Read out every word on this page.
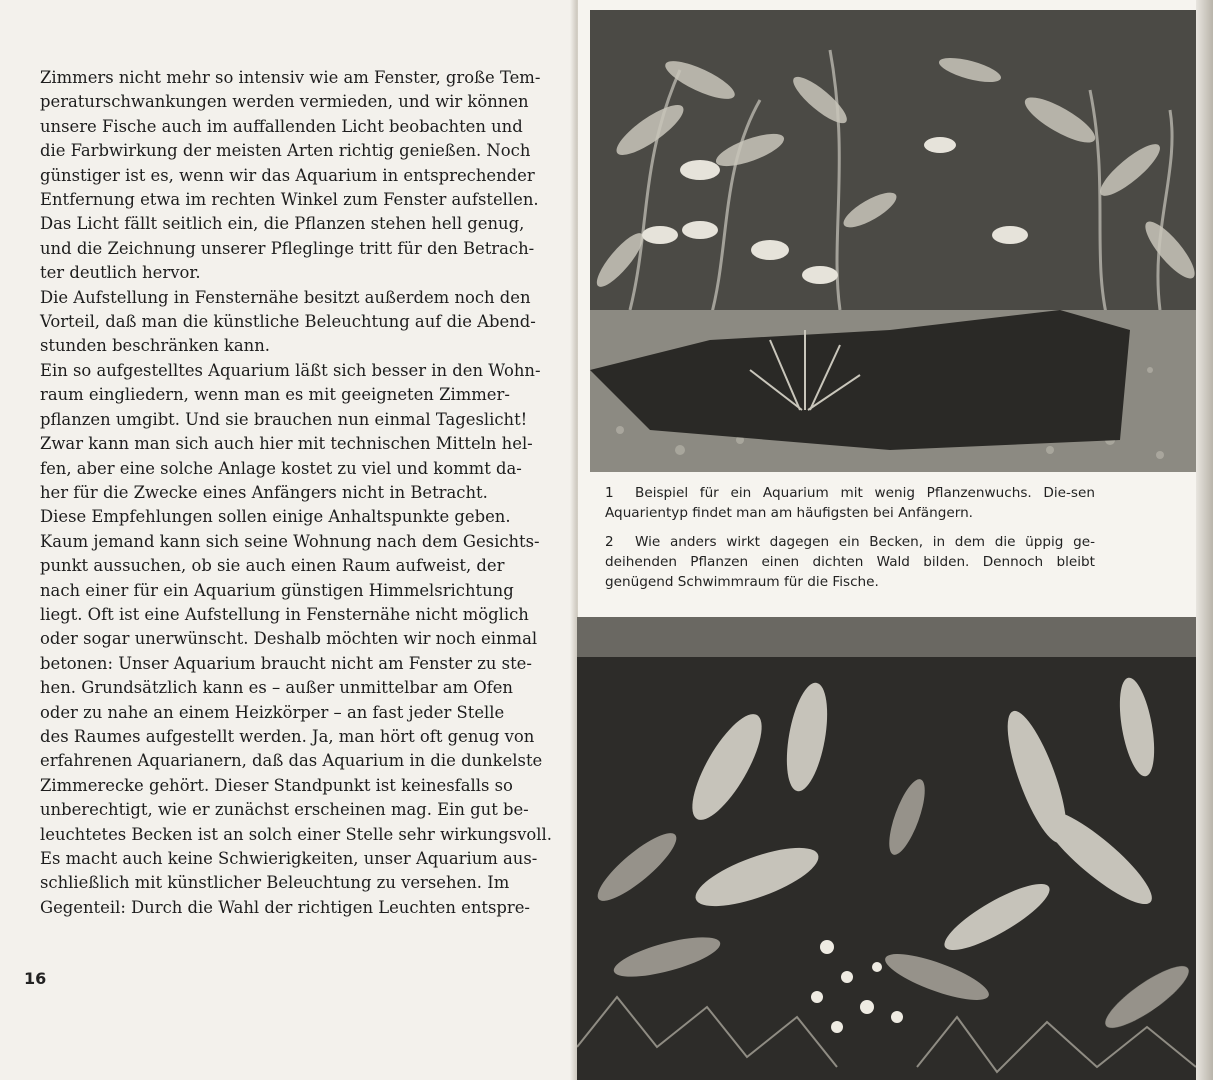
Zimmers nicht mehr so intensiv wie am Fenster, große Tem-
peraturschwankungen werden vermieden, und wir können
unsere Fische auch im auffallenden Licht beobachten und
die Farbwirkung der meisten Arten richtig genießen. Noch
günstiger ist es, wenn wir das Aquarium in entsprechender
Entfernung etwa im rechten Winkel zum Fenster aufstellen.
Das Licht fällt seitlich ein, die Pflanzen stehen hell genug,
und die Zeichnung unserer Pfleglinge tritt für den Betrach-
ter deutlich hervor.

Die Aufstellung in Fensternähe besitzt außerdem noch den
Vorteil, daß man die künstliche Beleuchtung auf die Abend-
stunden beschränken kann.

Ein so aufgestelltes Aquarium läßt sich besser in den Wohn-
raum eingliedern, wenn man es mit geeigneten Zimmer-
pflanzen umgibt. Und sie brauchen nun einmal Tageslicht!
Zwar kann man sich auch hier mit technischen Mitteln hel-
fen, aber eine solche Anlage kostet zu viel und kommt da-
her für die Zwecke eines Anfängers nicht in Betracht.

Diese Empfehlungen sollen einige Anhaltspunkte geben.
Kaum jemand kann sich seine Wohnung nach dem Gesichts-
punkt aussuchen, ob sie auch einen Raum aufweist, der
nach einer für ein Aquarium günstigen Himmelsrichtung
liegt. Oft ist eine Aufstellung in Fensternähe nicht möglich
oder sogar unerwünscht. Deshalb möchten wir noch einmal
betonen: Unser Aquarium braucht nicht am Fenster zu ste-
hen. Grundsätzlich kann es – außer unmittelbar am Ofen
oder zu nahe an einem Heizkörper – an fast jeder Stelle
des Raumes aufgestellt werden. Ja, man hört oft genug von
erfahrenen Aquarianern, daß das Aquarium in die dunkelste
Zimmerecke gehört. Dieser Standpunkt ist keinesfalls so
unberechtigt, wie er zunächst erscheinen mag. Ein gut be-
leuchtetes Becken ist an solch einer Stelle sehr wirkungsvoll.
Es macht auch keine Schwierigkeiten, unser Aquarium aus-
schließlich mit künstlicher Beleuchtung zu versehen. Im
Gegenteil: Durch die Wahl der richtigen Leuchten entspre-

16

1 Beispiel für ein Aquarium mit wenig Pflanzenwuchs. Die-sen Aquarientyp findet man am häufigsten bei Anfängern.

2 Wie anders wirkt dagegen ein Becken, in dem die üppig ge-deihenden Pflanzen einen dichten Wald bilden. Dennoch bleibt genügend Schwimmraum für die Fische.
